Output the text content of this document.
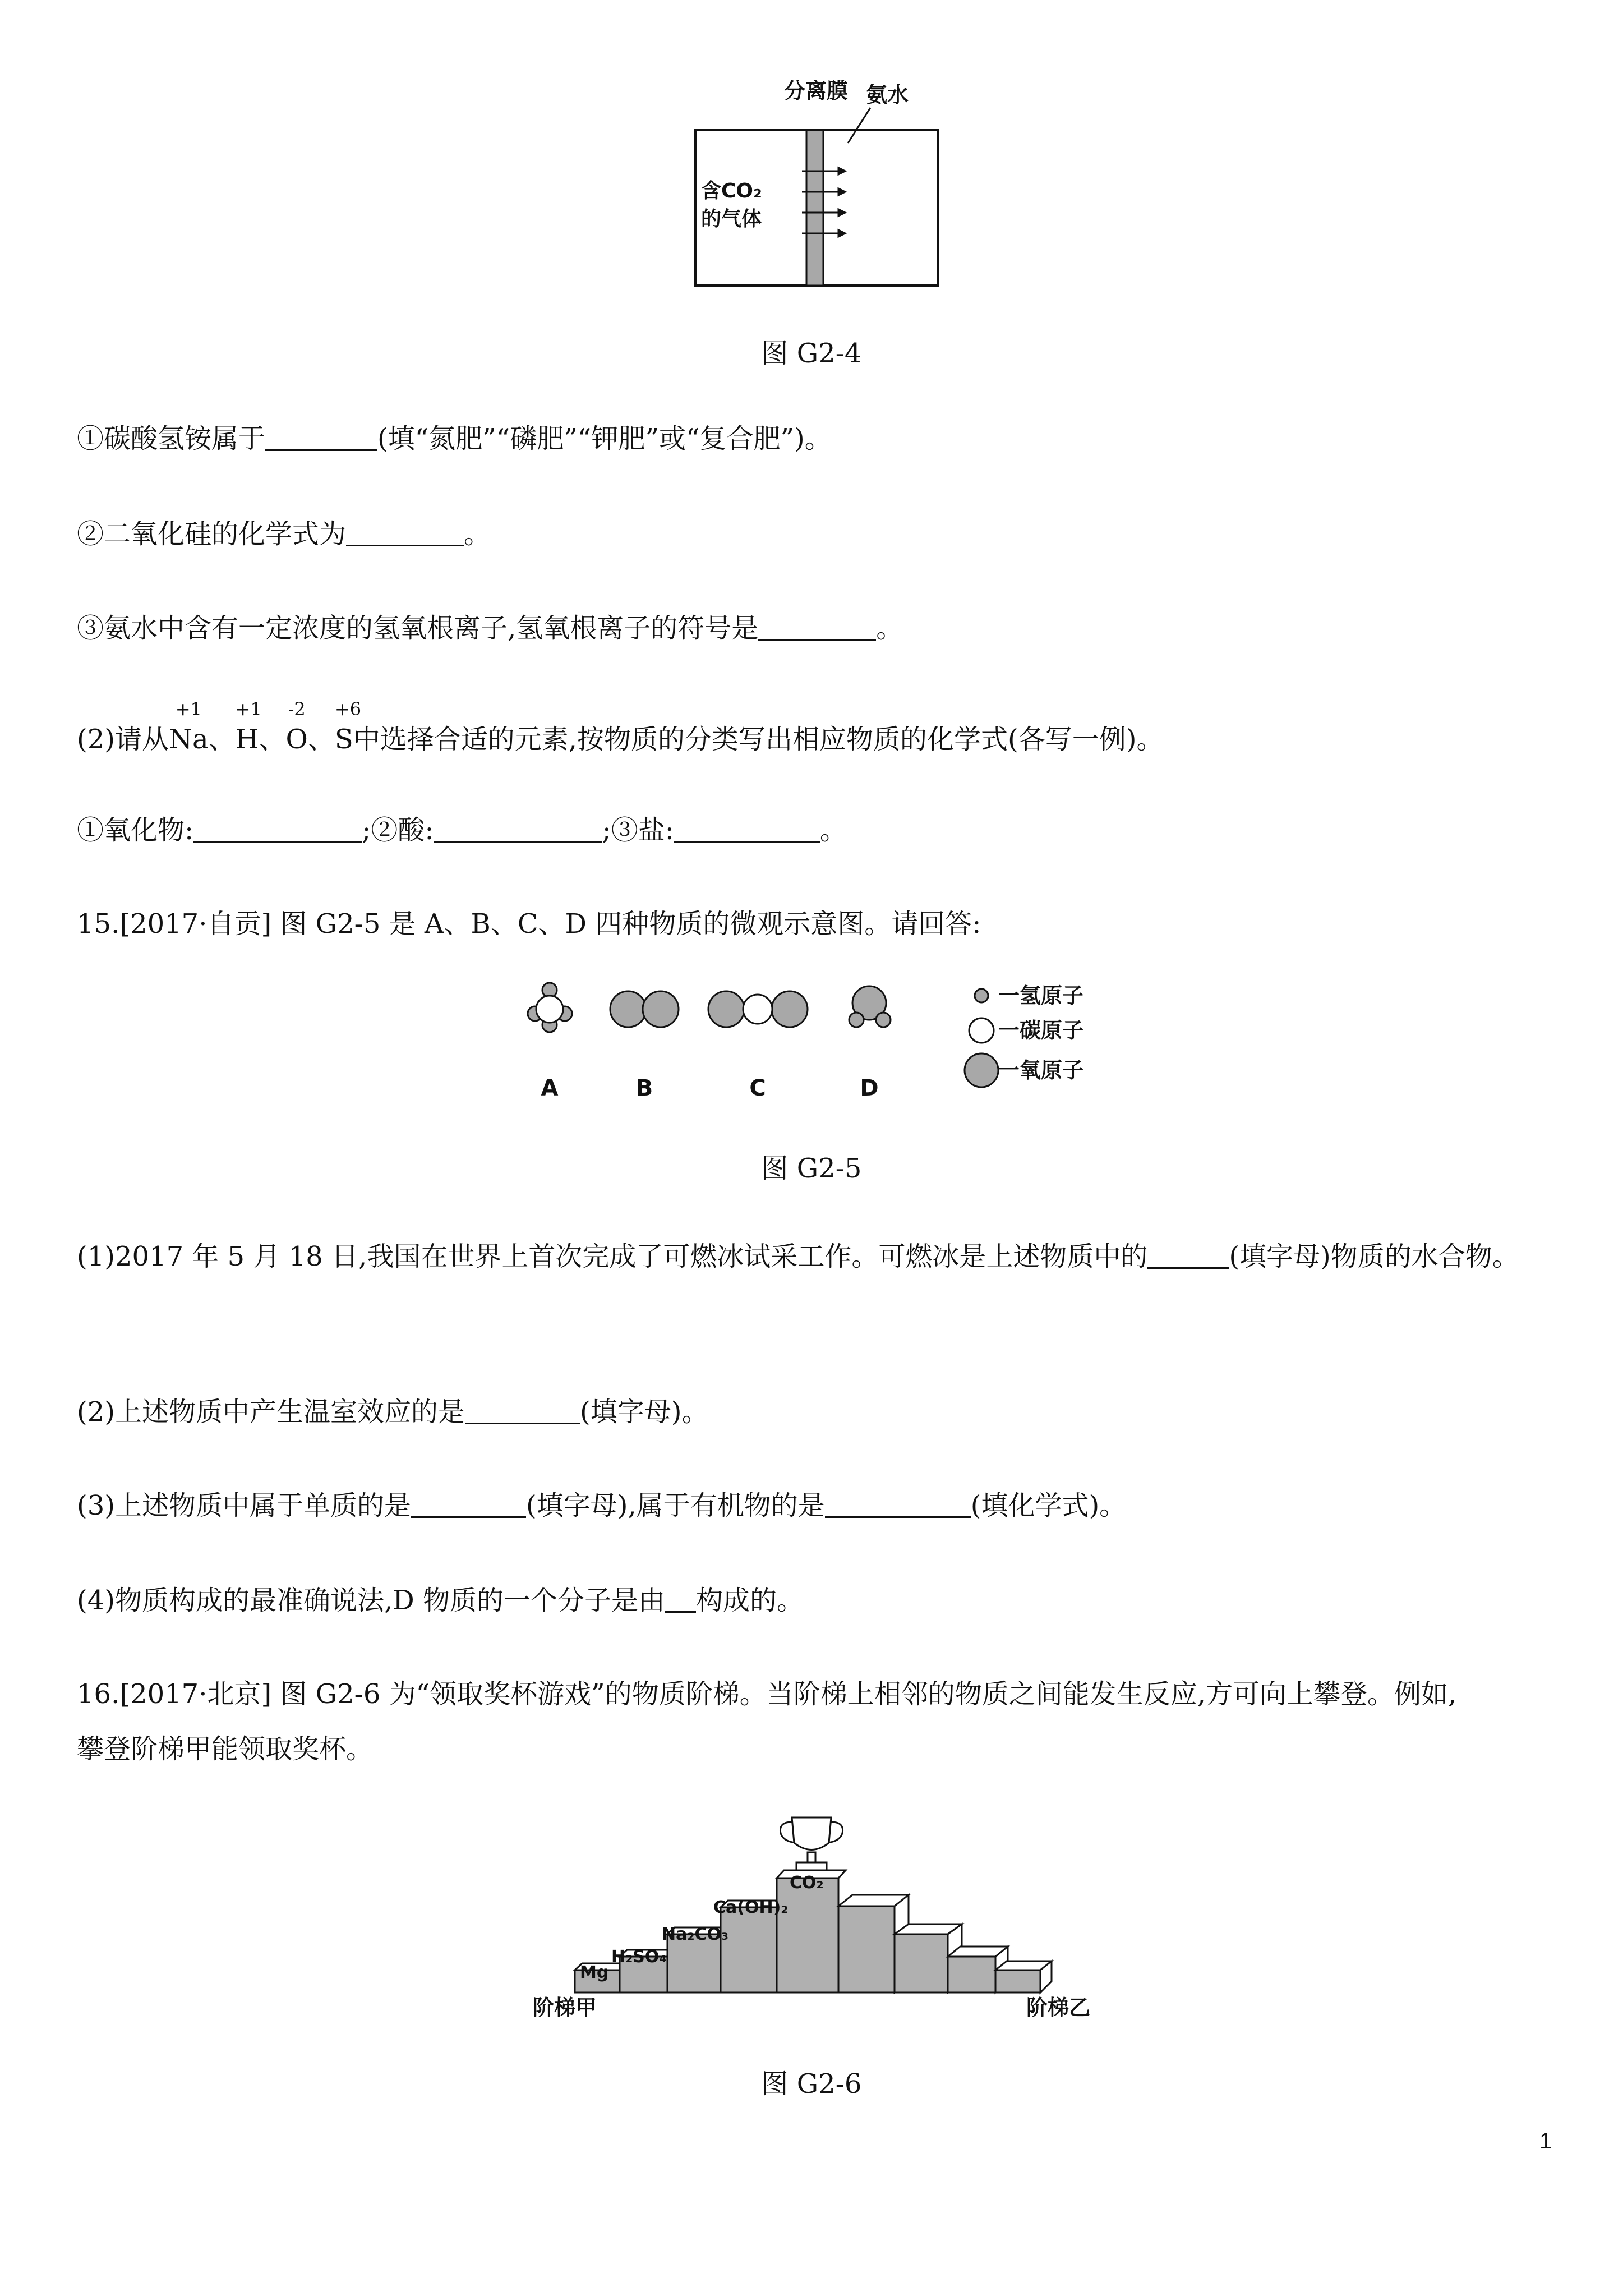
分离膜 氨水
含CO₂
的气体
图 G2-4
①碳酸氢铵属于	(填“氮肥”“磷肥”“钾肥”或“复合肥”)。
②二氧化硅的化学式为	。
③氨水中含有一定浓度的氢氧根离子,氢氧根离子的符号是	。
(2)请从
+1
Na、
+1
H、
-2
O、
+6
S中选择合适的元素,按物质的分类写出相应物质的化学式(各写一例)。
①氧化物:	;②酸:	;③盐:	。
15.[2017·自贡] 图 G2-5 是 A、B、C、D 四种物质的微观示意图。请回答:
一氢原子
一碳原子
一氧原子
A	B	C	D
图 G2-5
(1)2017 年 5 月 18 日,我国在世界上首次完成了可燃冰试采工作。可燃冰是上述物质中的	(填字母)物质的水合物。
(2)上述物质中产生温室效应的是	(填字母)。
(3)上述物质中属于单质的是	(填字母),属于有机物的是	(填化学式)。
(4)物质构成的最准确说法,D 物质的一个分子是由 构成的。
16.[2017·北京] 图 G2-6 为“领取奖杯游戏”的物质阶梯。当阶梯上相邻的物质之间能发生反应,方可向上攀登。例如,
攀登阶梯甲能领取奖杯。
Mg
H₂SO₄
Na₂CO₃
Ca(OH)₂
CO₂
阶梯甲	阶梯乙
图 G2-6
1
